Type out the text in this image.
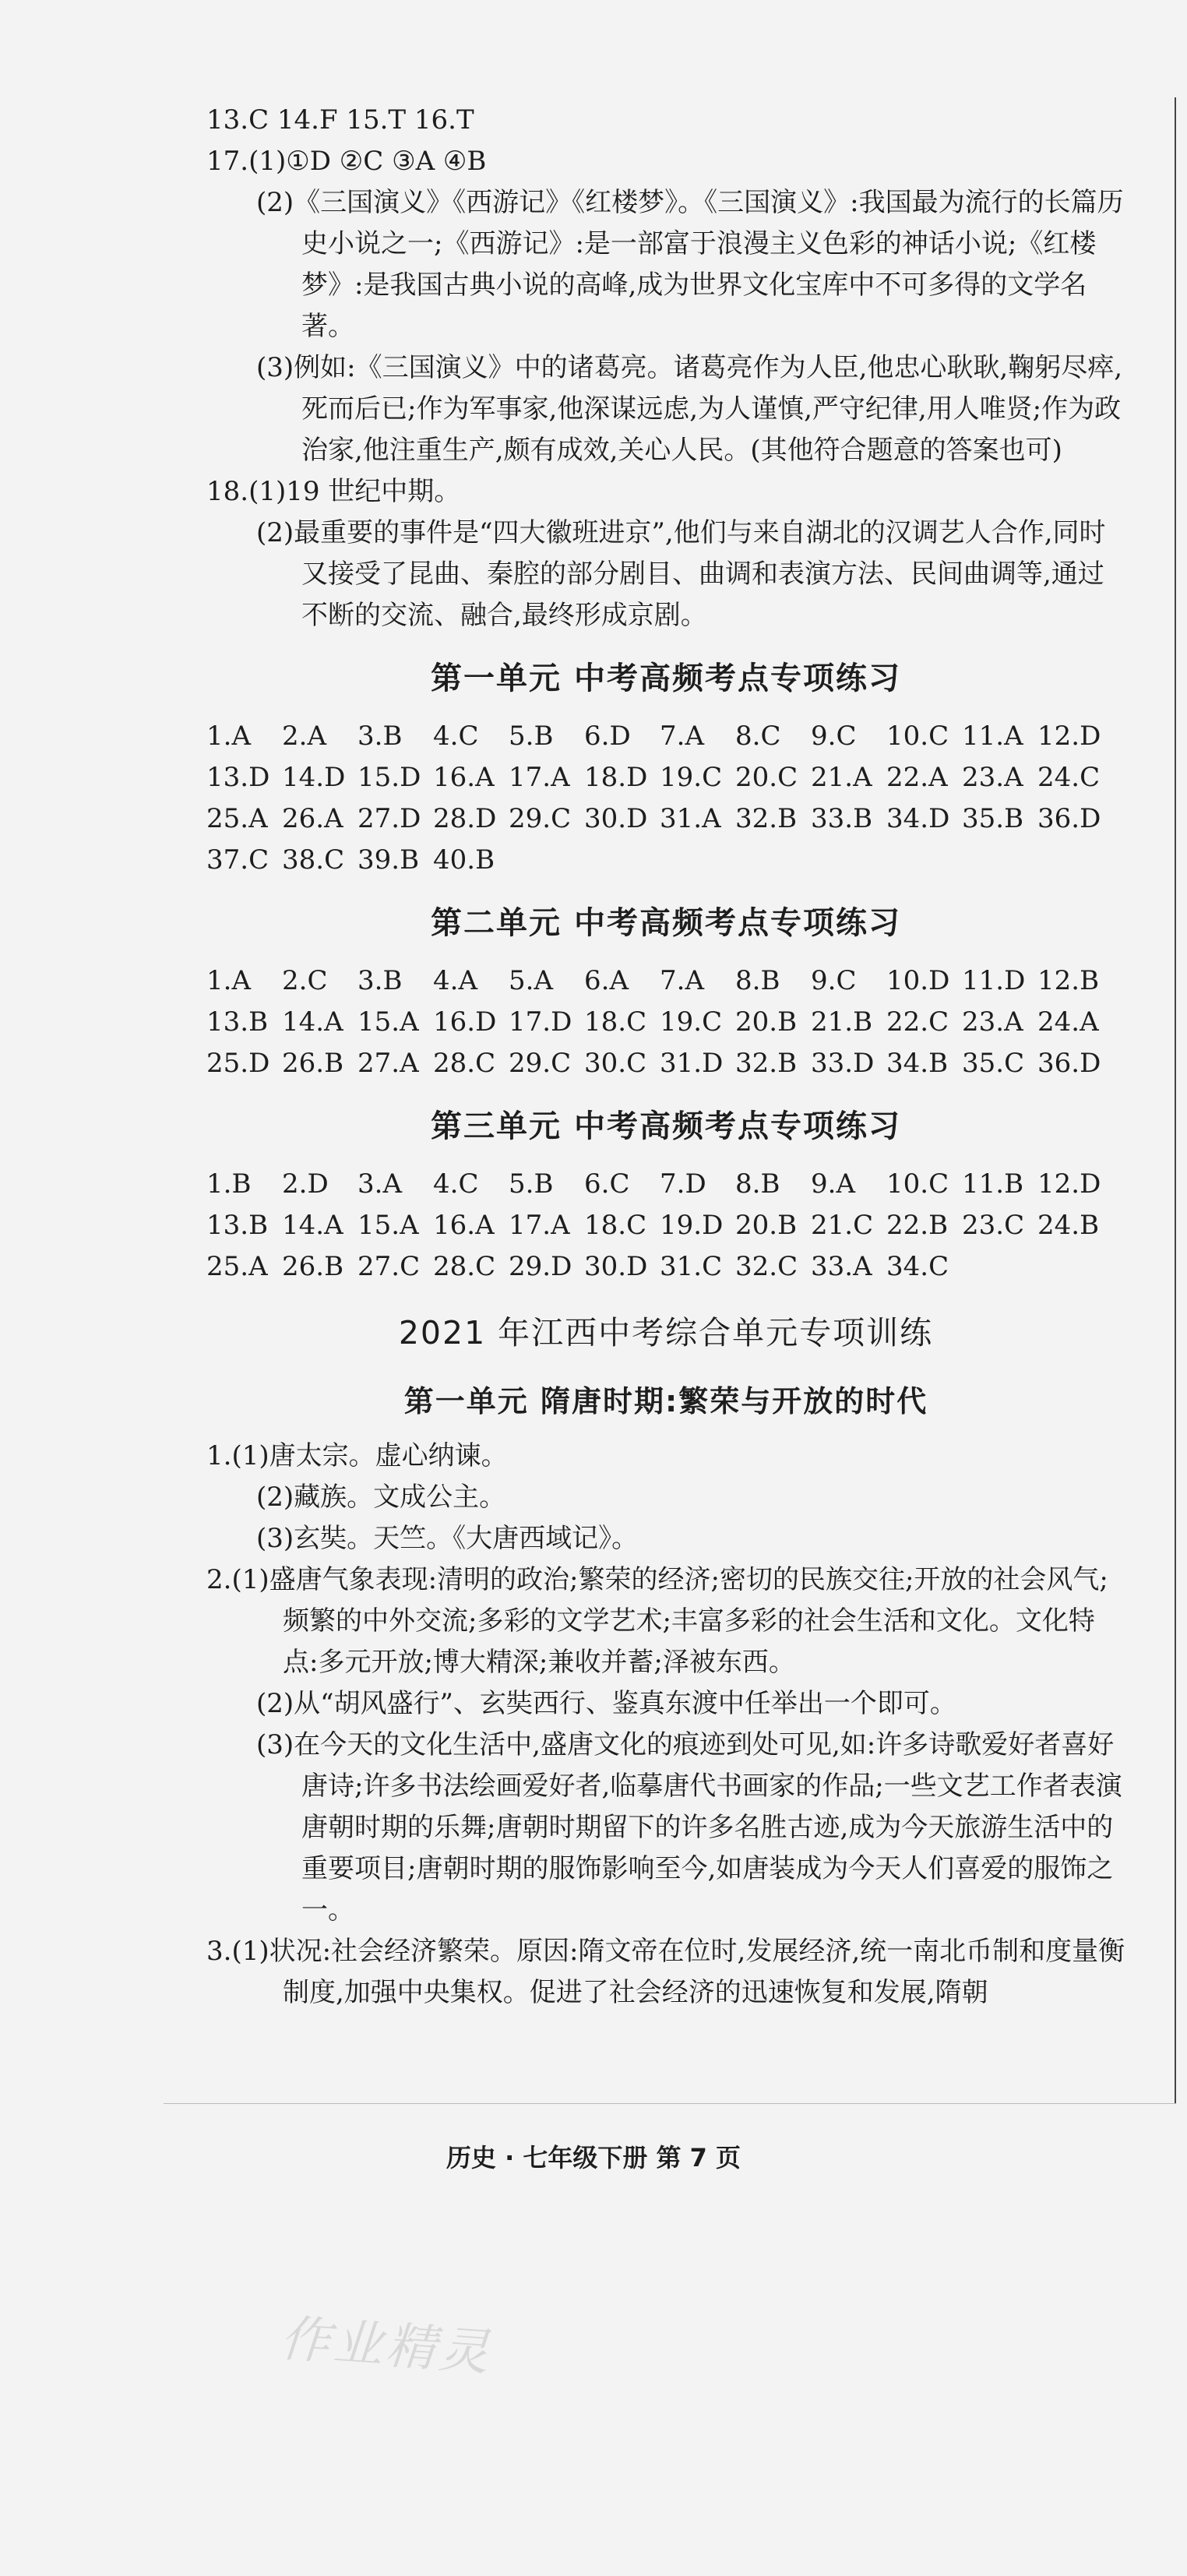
13.C 14.F 15.T 16.T
17.(1)①D ②C ③A ④B
(2)《三国演义》《西游记》《红楼梦》。《三国演义》:我国最为流行的长篇历史小说之一;《西游记》:是一部富于浪漫主义色彩的神话小说;《红楼梦》:是我国古典小说的高峰,成为世界文化宝库中不可多得的文学名著。
(3)例如:《三国演义》中的诸葛亮。诸葛亮作为人臣,他忠心耿耿,鞠躬尽瘁,死而后已;作为军事家,他深谋远虑,为人谨慎,严守纪律,用人唯贤;作为政治家,他注重生产,颇有成效,关心人民。(其他符合题意的答案也可)
18.(1)19 世纪中期。
(2)最重要的事件是“四大徽班进京”,他们与来自湖北的汉调艺人合作,同时又接受了昆曲、秦腔的部分剧目、曲调和表演方法、民间曲调等,通过不断的交流、融合,最终形成京剧。
第一单元 中考高频考点专项练习
1.A	2.A	3.B	4.C	5.B	6.D	7.A	8.C	9.C	10.C 11.A 12.D
13.D 14.D 15.D 16.A 17.A 18.D 19.C 20.C 21.A 22.A 23.A 24.C
25.A 26.A 27.D 28.D 29.C 30.D 31.A 32.B 33.B 34.D 35.B 36.D
37.C 38.C 39.B 40.B
第二单元 中考高频考点专项练习
1.A	2.C	3.B	4.A	5.A	6.A	7.A	8.B	9.C	10.D 11.D 12.B
13.B 14.A 15.A 16.D 17.D 18.C 19.C 20.B 21.B 22.C 23.A 24.A
25.D 26.B 27.A 28.C 29.C 30.C 31.D 32.B 33.D 34.B 35.C 36.D
第三单元 中考高频考点专项练习
1.B	2.D	3.A	4.C	5.B	6.C	7.D	8.B	9.A	10.C 11.B 12.D
13.B 14.A 15.A 16.A 17.A 18.C 19.D 20.B 21.C 22.B 23.C 24.B
25.A 26.B 27.C 28.C 29.D 30.D 31.C 32.C 33.A 34.C
2021 年江西中考综合单元专项训练
第一单元 隋唐时期:繁荣与开放的时代
1.(1)唐太宗。虚心纳谏。
(2)藏族。文成公主。
(3)玄奘。天竺。《大唐西域记》。
2.(1)盛唐气象表现:清明的政治;繁荣的经济;密切的民族交往;开放的社会风气;频繁的中外交流;多彩的文学艺术;丰富多彩的社会生活和文化。文化特点:多元开放;博大精深;兼收并蓄;泽被东西。
(2)从“胡风盛行”、玄奘西行、鉴真东渡中任举出一个即可。
(3)在今天的文化生活中,盛唐文化的痕迹到处可见,如:许多诗歌爱好者喜好唐诗;许多书法绘画爱好者,临摹唐代书画家的作品;一些文艺工作者表演唐朝时期的乐舞;唐朝时期留下的许多名胜古迹,成为今天旅游生活中的重要项目;唐朝时期的服饰影响至今,如唐装成为今天人们喜爱的服饰之一。
3.(1)状况:社会经济繁荣。原因:隋文帝在位时,发展经济,统一南北币制和度量衡制度,加强中央集权。促进了社会经济的迅速恢复和发展,隋朝
历史 · 七年级下册 第 7 页
作业精灵
